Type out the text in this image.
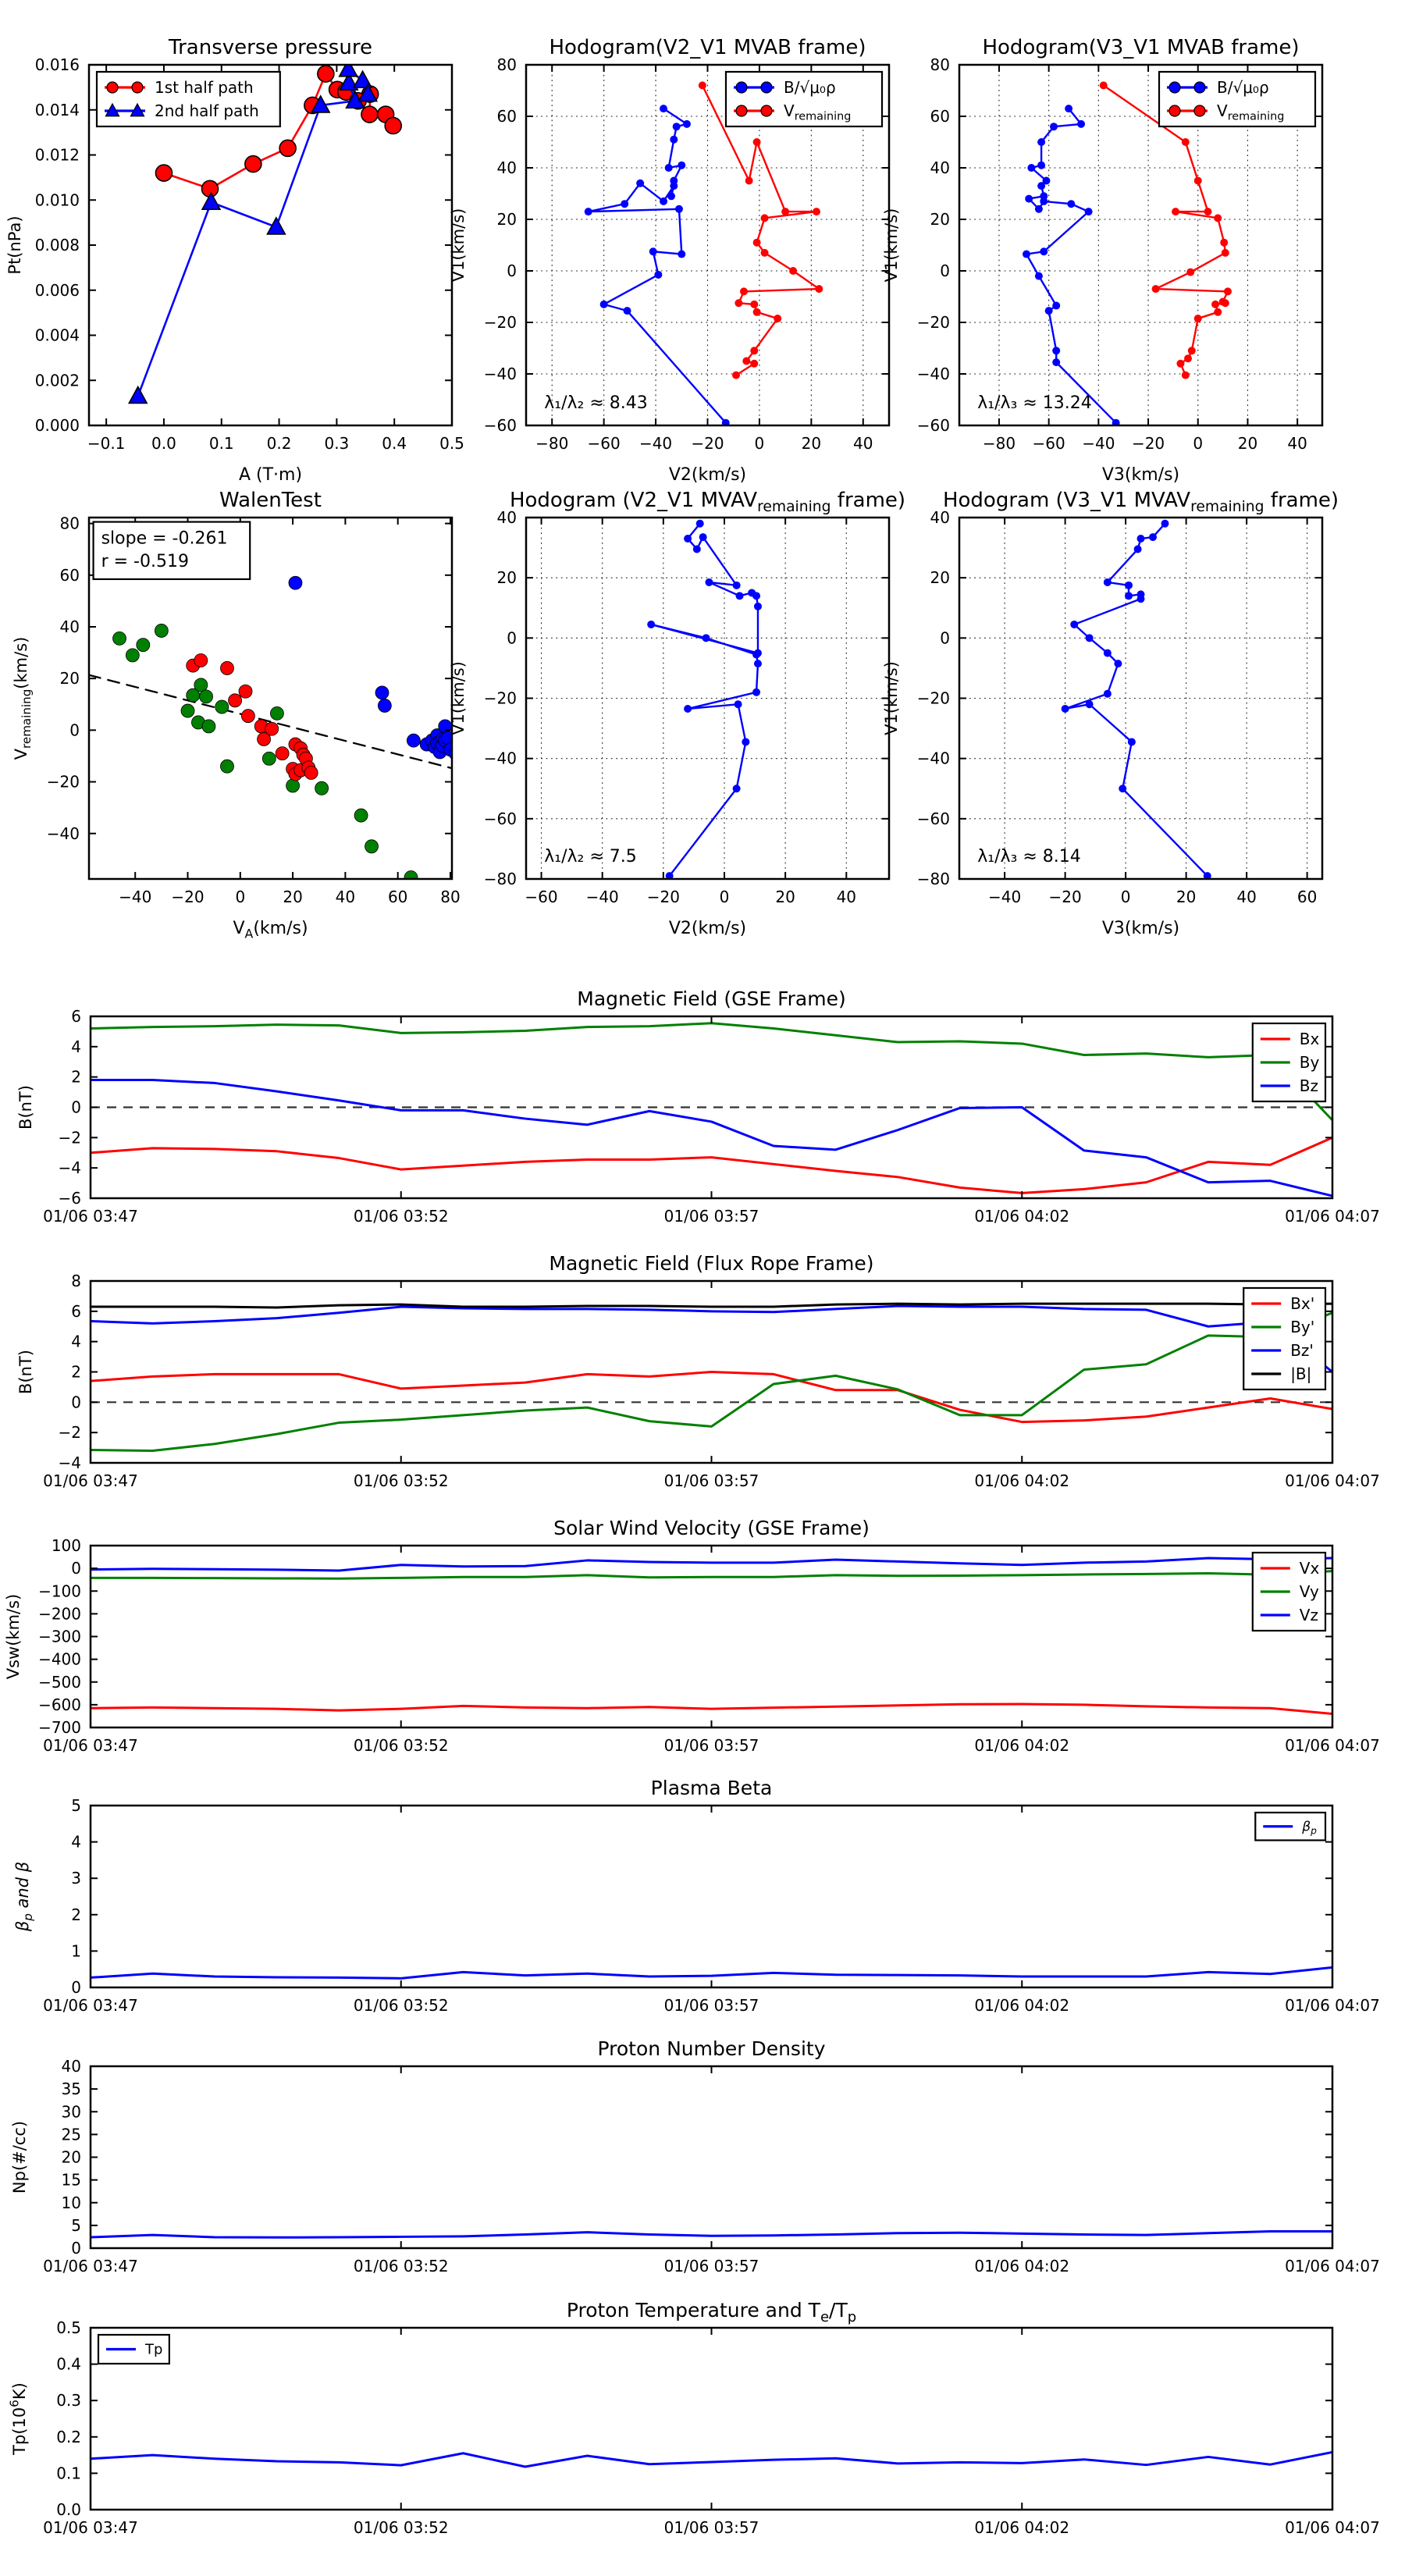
−0.1 0.0 0.1 0.2 0.3 0.4 0.5
0.000
0.002
0.004
0.006
0.008
0.010
0.012
0.014
0.016
Transverse pressure
A (T·m)
Pt(nPa)
1st half path
2nd half path
−80 −60 −40 −20 0 20 40
−60
−40
−20
0
20
40
60
80
Hodogram(V2_V1 MVAB frame)
V2(km/s)
V1(km/s)
λ₁/λ₂ ≈ 8.43
B/√μ₀ρ
$V_{remaining}$
−80 −60 −40 −20 0 20 40
−60
−40
−20
0
20
40
60
80
Hodogram(V3_V1 MVAB frame)
V3(km/s)
V1(km/s)
λ₁/λ₃ ≈ 13.24
B/√μ₀ρ
$V_{remaining}$
−40 −20 0 20 40 60 80
−40
−20
0
20
40
60
80
WalenTest
$V_A(km/s)$
$V_{remaining}(km/s)$
slope = -0.261
r = -0.519
−60 −40 −20	0	20	40
−80
−60
−40
−20
0
20
40
Hodogram (V2_V1 $MVAV_{remaining}$ frame)
V2(km/s)
V1(km/s)
λ₁/λ₂ ≈ 7.5
−40 −20	0	20	40	60
−80
−60
−40
−20
0
20
40
Hodogram (V3_V1 $MVAV_{remaining}$ frame)
V3(km/s)
V1(km/s)
λ₁/λ₃ ≈ 8.14
01/06 03:47	01/06 03:52	01/06 03:57	01/06 04:02	01/06 04:07
−6
−4
−2
0
2
4
6
Magnetic Field (GSE Frame)
B(nT)
Bx
By
Bz
01/06 03:47	01/06 03:52	01/06 03:57	01/06 04:02	01/06 04:07
−4
−2
0
2
4
6
8
Magnetic Field (Flux Rope Frame)
B(nT)
Bx'
By'
Bz'
|B|
01/06 03:47	01/06 03:52	01/06 03:57	01/06 04:02	01/06 04:07
−700
−600
−500
−400
−300
−200
−100
0
100
Solar Wind Velocity (GSE Frame)
Vsw(km/s)
Vx
Vy
Vz
01/06 03:47	01/06 03:52	01/06 03:57	01/06 04:02	01/06 04:07
0
1
2
3
4
5
Plasma Beta
$\beta_p$ and β
$\beta_p$
01/06 03:47	01/06 03:52	01/06 03:57	01/06 04:02	01/06 04:07
0
5
10
15
20
25
30
35
40
Proton Number Density
Np(#/cc)
01/06 03:47	01/06 03:52	01/06 03:57	01/06 04:02	01/06 04:07
0.0
0.1
0.2
0.3
0.4
0.5
Proton Temperature and $T_e/T_p$
$Tp(10^6K)$
Tp
